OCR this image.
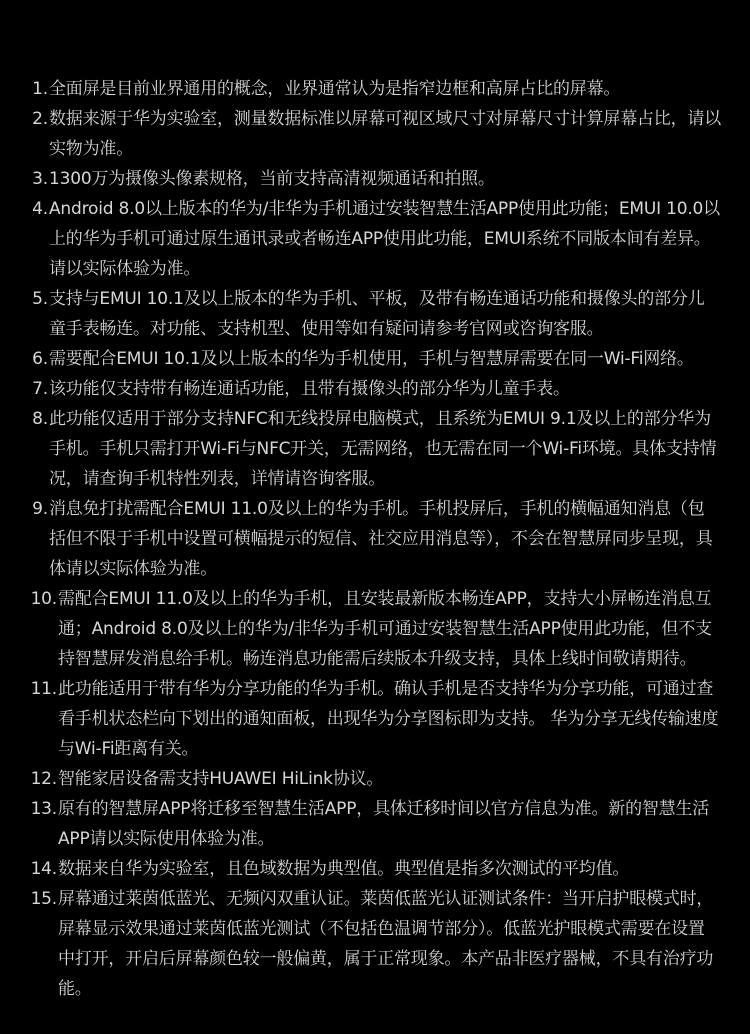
1. 全面屏是目前业界通用的概念，业界通常认为是指窄边框和高屏占比的屏幕。
2. 数据来源于华为实验室，测量数据标准以屏幕可视区域尺寸对屏幕尺寸计算屏幕占比，请以实物为准。
3. 1300万为摄像头像素规格，当前支持高清视频通话和拍照。
4. Android 8.0以上版本的华为/非华为手机通过安装智慧生活APP使用此功能；EMUI 10.0以上的华为手机可通过原生通讯录或者畅连APP使用此功能，EMUI系统不同版本间有差异。请以实际体验为准。
5. 支持与EMUI 10.1及以上版本的华为手机、平板，及带有畅连通话功能和摄像头的部分儿童手表畅连。对功能、支持机型、使用等如有疑问请参考官网或咨询客服。
6. 需要配合EMUI 10.1及以上版本的华为手机使用，手机与智慧屏需要在同一Wi-Fi网络。
7. 该功能仅支持带有畅连通话功能，且带有摄像头的部分华为儿童手表。
8. 此功能仅适用于部分支持NFC和无线投屏电脑模式，且系统为EMUI 9.1及以上的部分华为手机。手机只需打开Wi-Fi与NFC开关，无需网络，也无需在同一个Wi-Fi环境。具体支持情况，请查询手机特性列表，详情请咨询客服。
9. 消息免打扰需配合EMUI 11.0及以上的华为手机。手机投屏后，手机的横幅通知消息（包括但不限于手机中设置可横幅提示的短信、社交应用消息等），不会在智慧屏同步呈现，具体请以实际体验为准。
10. 需配合EMUI 11.0及以上的华为手机，且安装最新版本畅连APP，支持大小屏畅连消息互通；Android 8.0及以上的华为/非华为手机可通过安装智慧生活APP使用此功能，但不支持智慧屏发消息给手机。畅连消息功能需后续版本升级支持，具体上线时间敬请期待。
11. 此功能适用于带有华为分享功能的华为手机。确认手机是否支持华为分享功能，可通过查看手机状态栏向下划出的通知面板，出现华为分享图标即为支持。 华为分享无线传输速度与Wi-Fi距离有关。
12. 智能家居设备需支持HUAWEI HiLink协议。
13. 原有的智慧屏APP将迁移至智慧生活APP，具体迁移时间以官方信息为准。新的智慧生活APP请以实际使用体验为准。
14. 数据来自华为实验室，且色域数据为典型值。典型值是指多次测试的平均值。
15. 屏幕通过莱茵低蓝光、无频闪双重认证。莱茵低蓝光认证测试条件：当开启护眼模式时，屏幕显示效果通过莱茵低蓝光测试（不包括色温调节部分）。低蓝光护眼模式需要在设置中打开，开启后屏幕颜色较一般偏黄，属于正常现象。本产品非医疗器械，不具有治疗功能。
